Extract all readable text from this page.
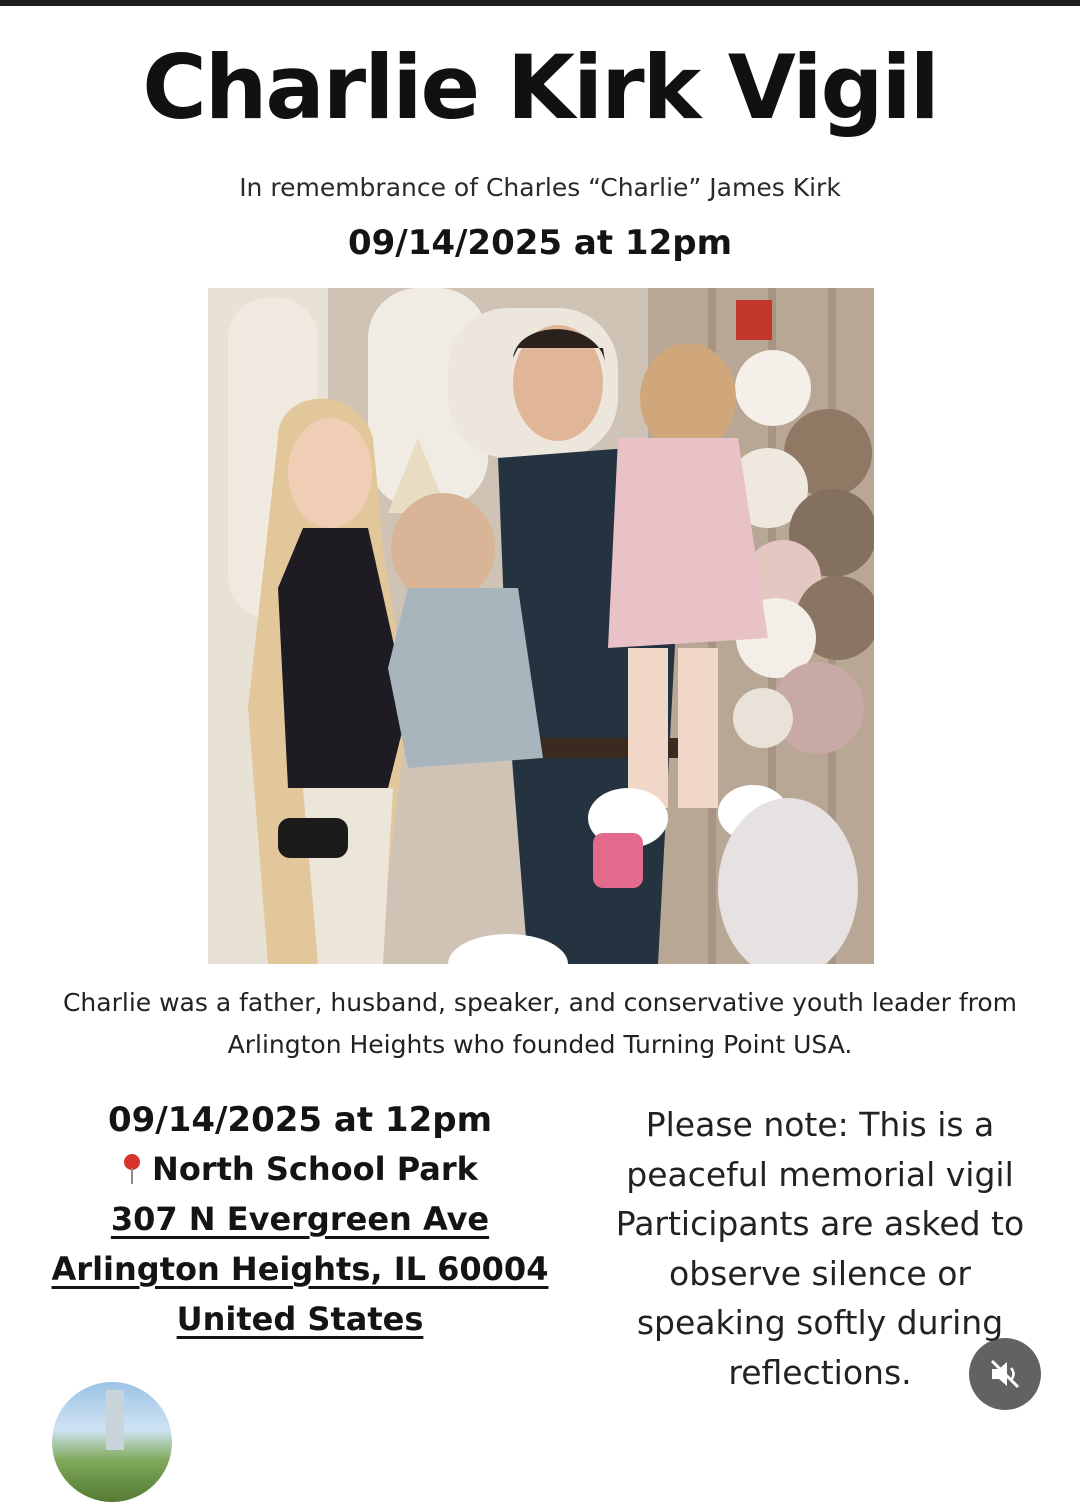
Charlie Kirk Vigil
In remembrance of Charles “Charlie” James Kirk
09/14/2025 at 12pm
Charlie was a father, husband, speaker, and conservative youth leader from Arlington Heights who founded Turning Point USA.
09/14/2025 at 12pm
North School Park
307 N Evergreen Ave
Arlington Heights, IL 60004
United States
Please note: This is a peaceful memorial vigil Participants are asked to observe silence or speaking softly during reflections.
